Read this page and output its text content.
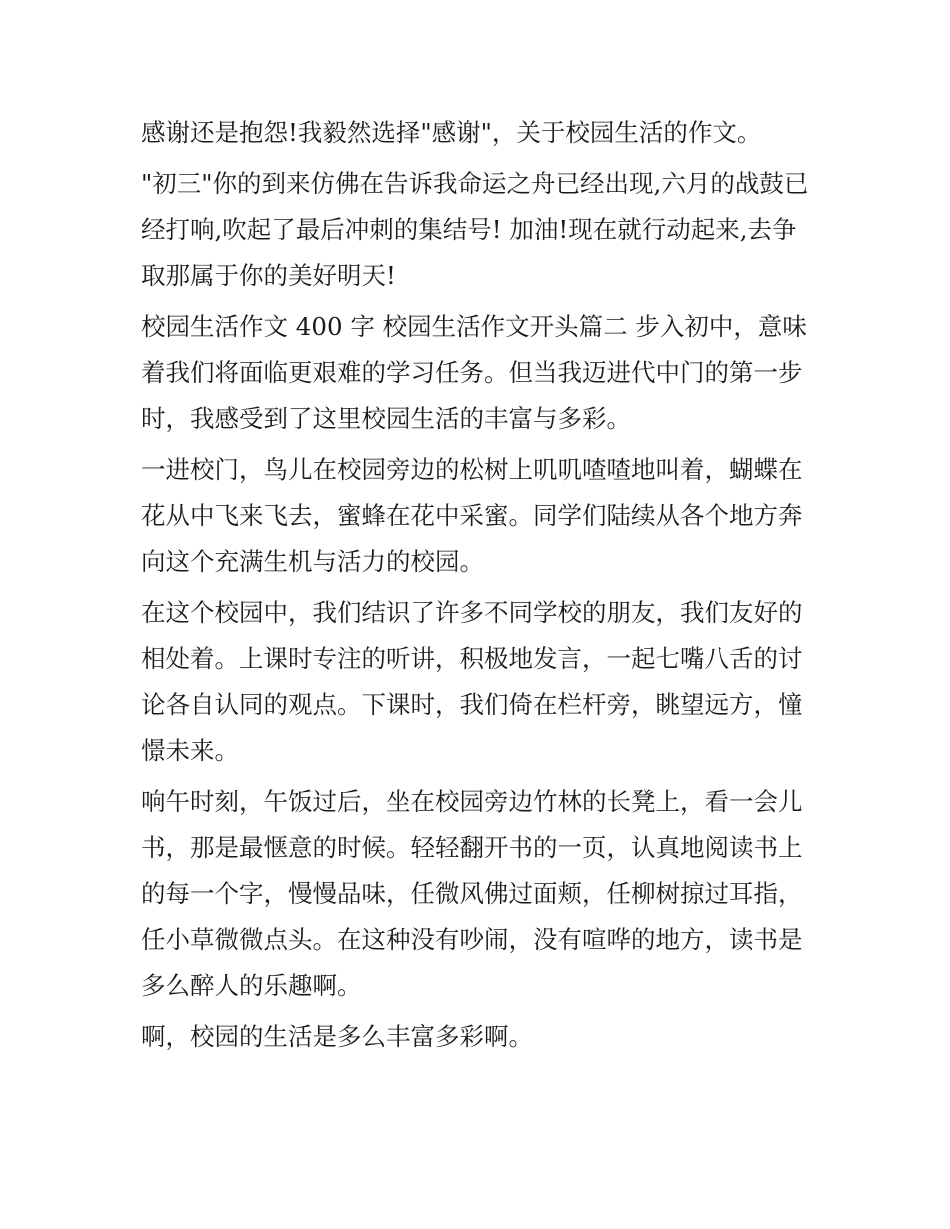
感谢还是抱怨!我毅然选择"感谢"，关于校园生活的作文。

"初三"你的到来仿佛在告诉我命运之舟已经出现,六月的战鼓已经打响,吹起了最后冲刺的集结号! 加油!现在就行动起来,去争取那属于你的美好明天!

校园生活作文 400 字 校园生活作文开头篇二 步入初中，意味着我们将面临更艰难的学习任务。但当我迈进代中门的第一步时，我感受到了这里校园生活的丰富与多彩。

一进校门，鸟儿在校园旁边的松树上叽叽喳喳地叫着，蝴蝶在花从中飞来飞去，蜜蜂在花中采蜜。同学们陆续从各个地方奔向这个充满生机与活力的校园。

在这个校园中，我们结识了许多不同学校的朋友，我们友好的相处着。上课时专注的听讲，积极地发言，一起七嘴八舌的讨论各自认同的观点。下课时，我们倚在栏杆旁，眺望远方，憧憬未来。

响午时刻，午饭过后，坐在校园旁边竹林的长凳上，看一会儿书，那是最惬意的时候。轻轻翻开书的一页，认真地阅读书上的每一个字，慢慢品味，任微风佛过面颊，任柳树掠过耳指，任小草微微点头。在这种没有吵闹，没有喧哗的地方，读书是多么醉人的乐趣啊。

啊，校园的生活是多么丰富多彩啊。
